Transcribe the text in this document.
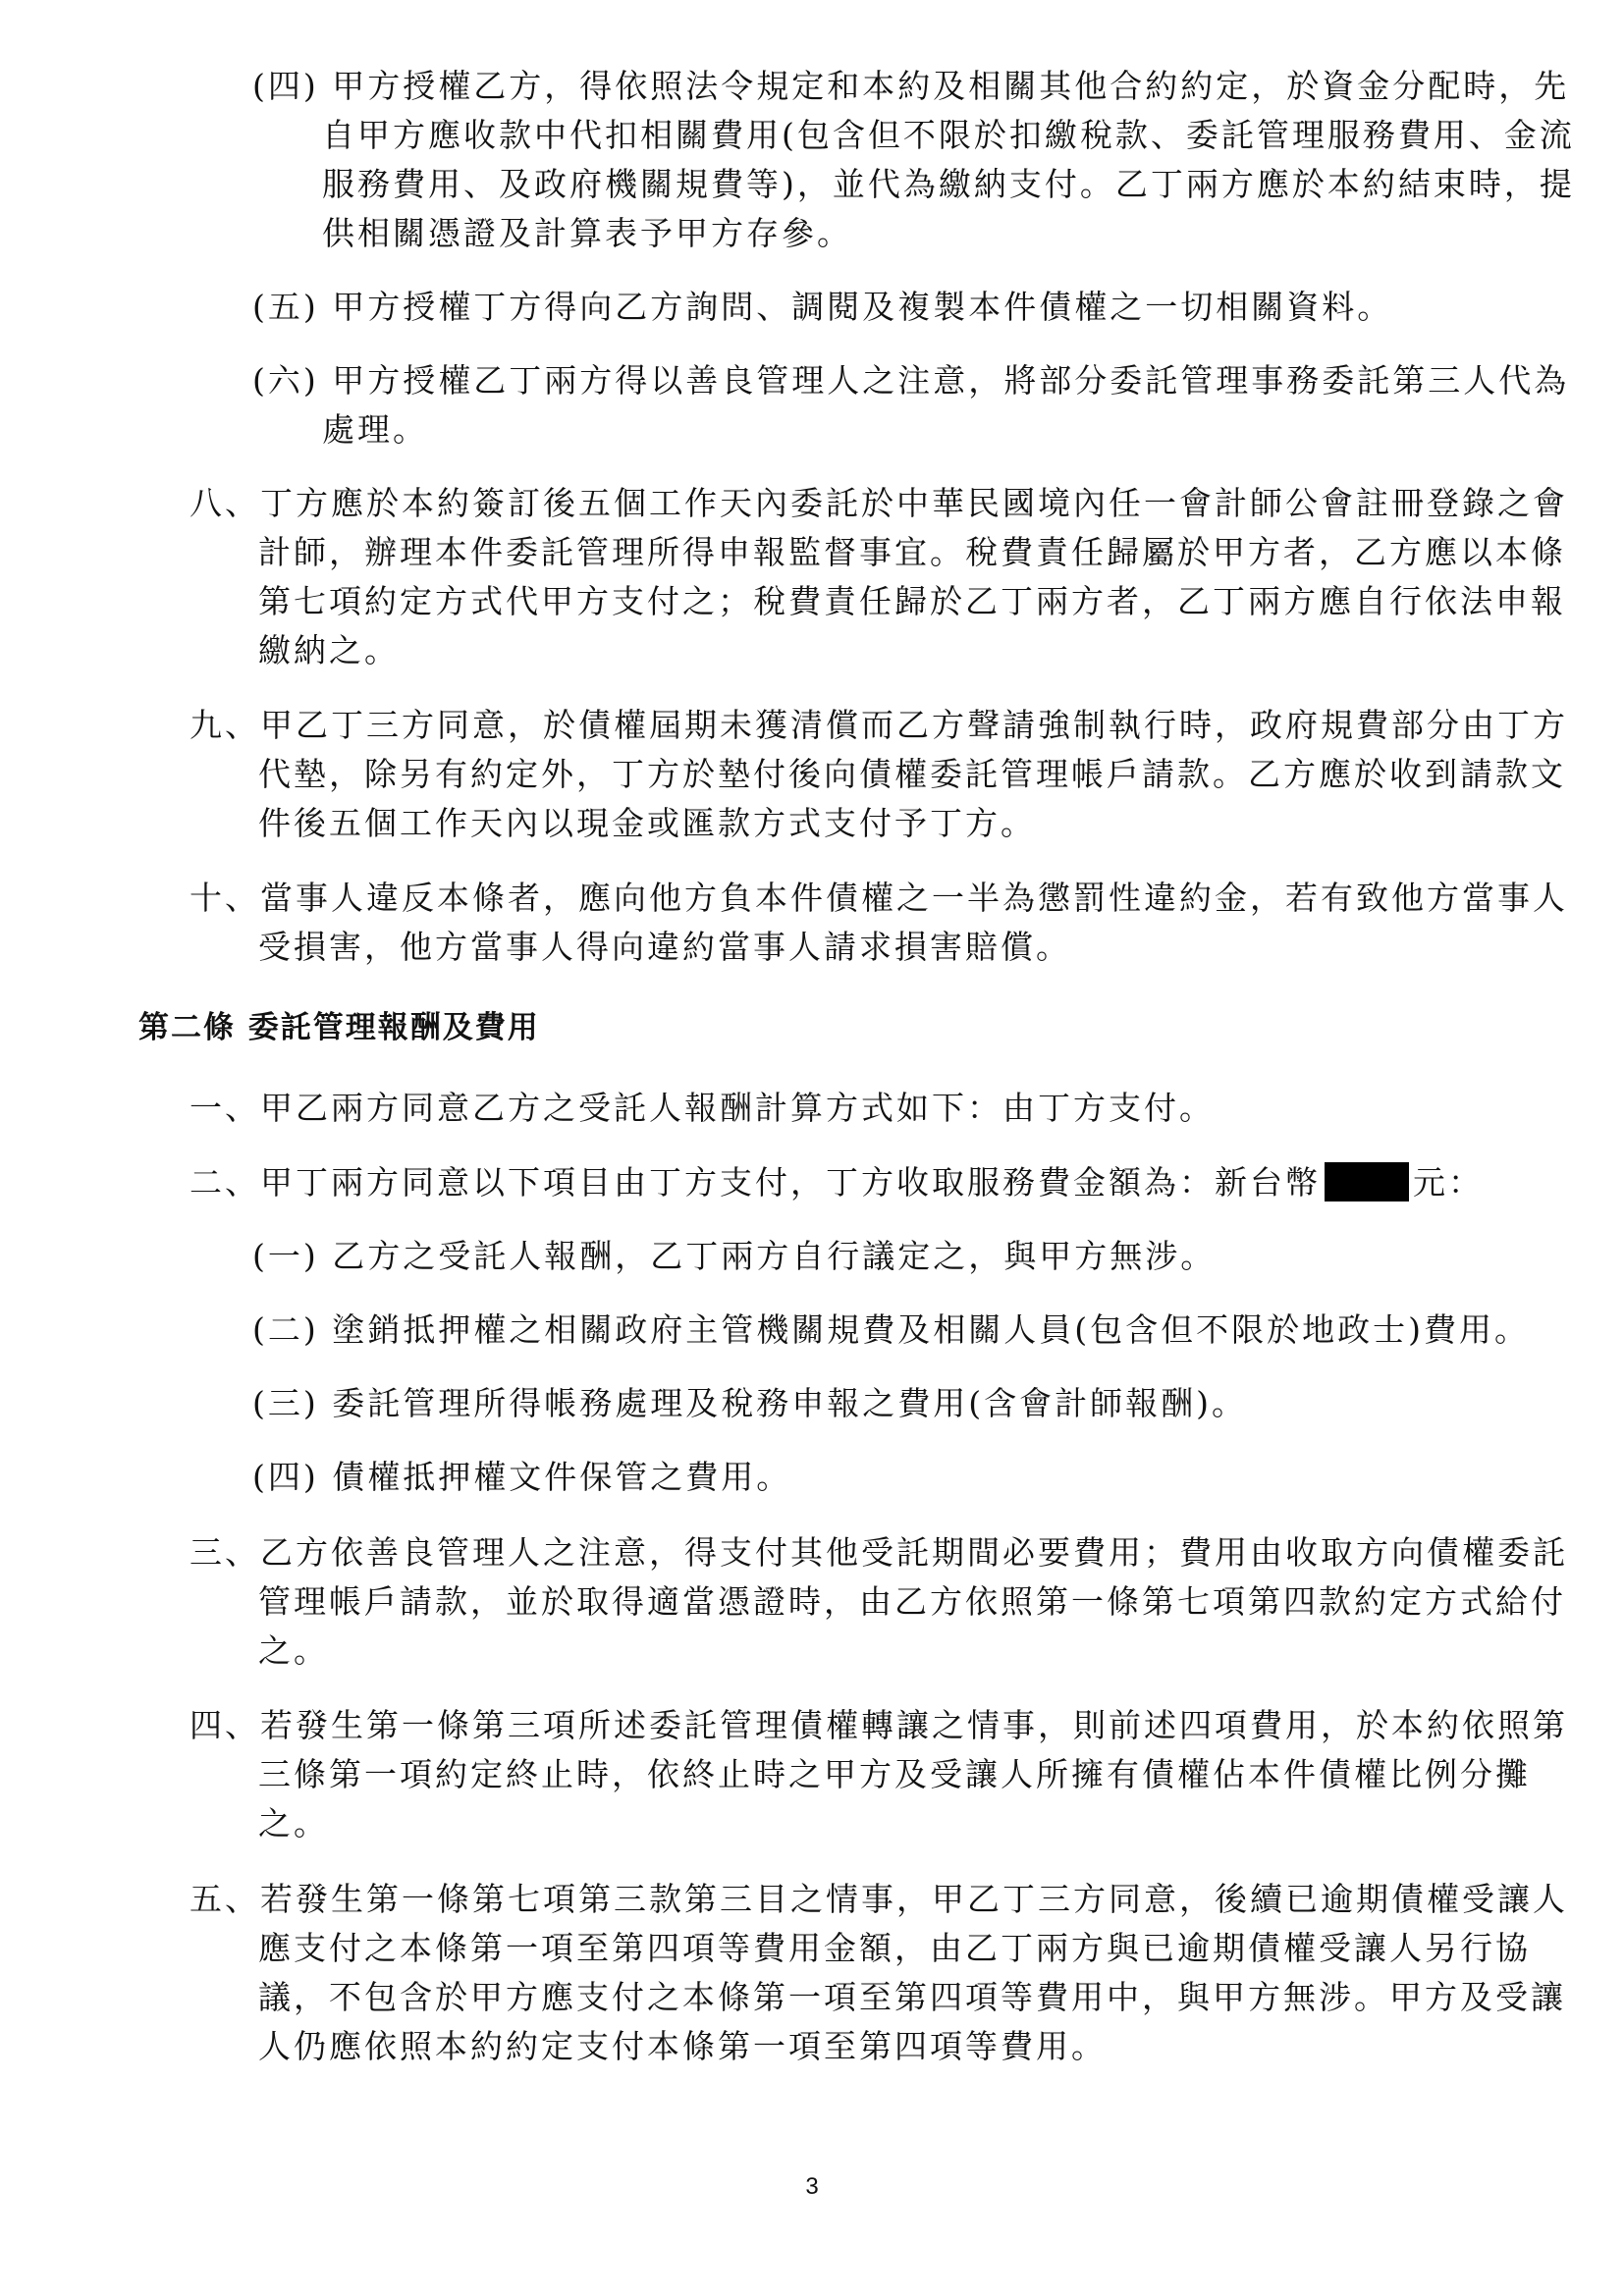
(四) 甲方授權乙方，得依照法令規定和本約及相關其他合約約定，於資金分配時，先
自甲方應收款中代扣相關費用(包含但不限於扣繳稅款、委託管理服務費用、金流
服務費用、及政府機關規費等)，並代為繳納支付。乙丁兩方應於本約結束時，提
供相關憑證及計算表予甲方存參。
(五) 甲方授權丁方得向乙方詢問、調閱及複製本件債權之一切相關資料。
(六) 甲方授權乙丁兩方得以善良管理人之注意，將部分委託管理事務委託第三人代為
處理。
八、丁方應於本約簽訂後五個工作天內委託於中華民國境內任一會計師公會註冊登錄之會
計師，辦理本件委託管理所得申報監督事宜。稅費責任歸屬於甲方者，乙方應以本條
第七項約定方式代甲方支付之；稅費責任歸於乙丁兩方者，乙丁兩方應自行依法申報
繳納之。
九、甲乙丁三方同意，於債權屆期未獲清償而乙方聲請強制執行時，政府規費部分由丁方
代墊，除另有約定外，丁方於墊付後向債權委託管理帳戶請款。乙方應於收到請款文
件後五個工作天內以現金或匯款方式支付予丁方。
十、當事人違反本條者，應向他方負本件債權之一半為懲罰性違約金，若有致他方當事人
受損害，他方當事人得向違約當事人請求損害賠償。
第二條 委託管理報酬及費用
一、甲乙兩方同意乙方之受託人報酬計算方式如下：由丁方支付。
二、甲丁兩方同意以下項目由丁方支付，丁方收取服務費金額為：新台幣	元：
(一) 乙方之受託人報酬，乙丁兩方自行議定之，與甲方無涉。
(二) 塗銷抵押權之相關政府主管機關規費及相關人員(包含但不限於地政士)費用。
(三) 委託管理所得帳務處理及稅務申報之費用(含會計師報酬)。
(四) 債權抵押權文件保管之費用。
三、乙方依善良管理人之注意，得支付其他受託期間必要費用；費用由收取方向債權委託
管理帳戶請款，並於取得適當憑證時，由乙方依照第一條第七項第四款約定方式給付
之。
四、若發生第一條第三項所述委託管理債權轉讓之情事，則前述四項費用，於本約依照第
三條第一項約定終止時，依終止時之甲方及受讓人所擁有債權佔本件債權比例分攤
之。
五、若發生第一條第七項第三款第三目之情事，甲乙丁三方同意，後續已逾期債權受讓人
應支付之本條第一項至第四項等費用金額，由乙丁兩方與已逾期債權受讓人另行協
議，不包含於甲方應支付之本條第一項至第四項等費用中，與甲方無涉。甲方及受讓
人仍應依照本約約定支付本條第一項至第四項等費用。
3
